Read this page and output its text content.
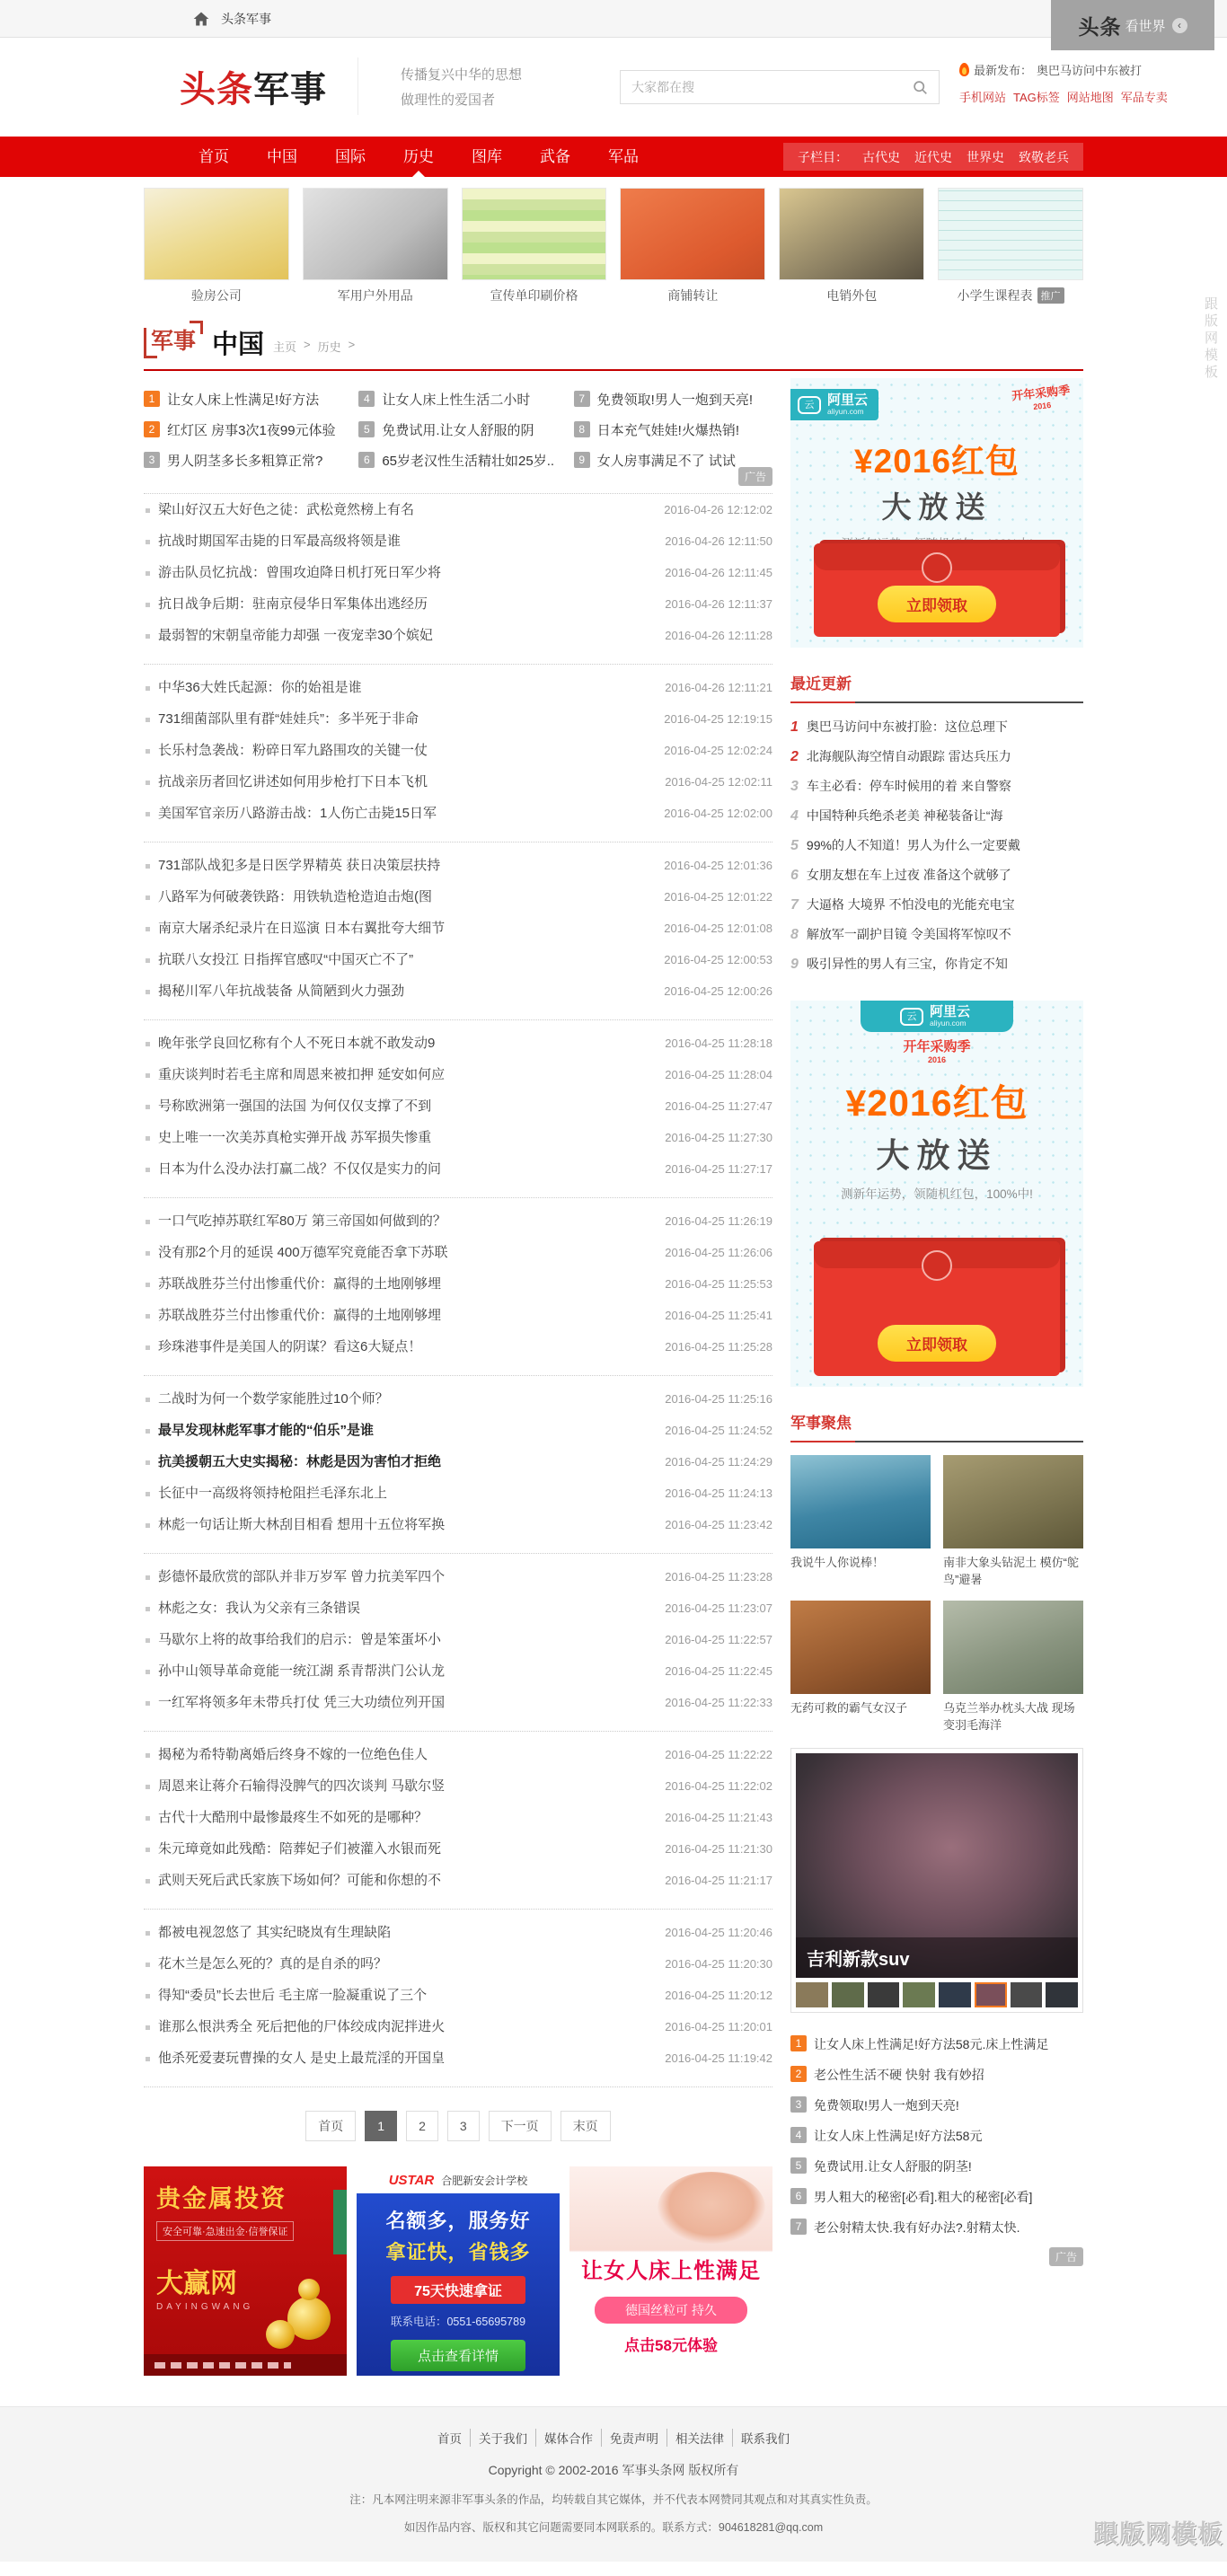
头条军事	头条 看世界	‹
头条 军事	传播复兴中华的思想
做理性的爱国者
大家都在搜
最新发布： 奥巴马访问中东被打
手机网站 TAG标签 网站地图 军品专卖
首页	中国	国际	历史	图库	武备	军品	子栏目： 古代史 近代史 世界史 致敬老兵
验房公司	军用户外用品	宣传单印刷价格	商铺转让	电销外包	小学生课程表 推广
军事 中国 主页 > 历史 >
让女人床上性满足!好方法
红灯区 房事3次1夜99元体验
男人阴茎多长多粗算正常?
让女人床上性生活二小时
免费试用.让女人舒服的阴
65岁老汉性生活精壮如25岁..
免费领取!男人一炮到天亮!
日本充气娃娃!火爆热销!
女人房事满足不了 试试
广告
梁山好汉五大好色之徒：武松竟然榜上有名	2016-04-26 12:12:02
抗战时期国军击毙的日军最高级将领是谁	2016-04-26 12:11:50
游击队员忆抗战：曾围攻迫降日机打死日军少将	2016-04-26 12:11:45
抗日战争后期：驻南京侵华日军集体出逃经历	2016-04-26 12:11:37
最弱智的宋朝皇帝能力却强 一夜宠幸30个嫔妃	2016-04-26 12:11:28
中华36大姓氏起源：你的始祖是谁	2016-04-26 12:11:21
731细菌部队里有群“娃娃兵”：多半死于非命	2016-04-25 12:19:15
长乐村急袭战：粉碎日军九路围攻的关键一仗	2016-04-25 12:02:24
抗战亲历者回忆讲述如何用步枪打下日本飞机	2016-04-25 12:02:11
美国军官亲历八路游击战：1人伤亡击毙15日军	2016-04-25 12:02:00
731部队战犯多是日医学界精英 获日决策层扶持	2016-04-25 12:01:36
八路军为何破袭铁路：用铁轨造枪造迫击炮(图	2016-04-25 12:01:22
南京大屠杀纪录片在日巡演 日本右翼批夸大细节	2016-04-25 12:01:08
抗联八女投江 日指挥官感叹“中国灭亡不了”	2016-04-25 12:00:53
揭秘川军八年抗战装备 从简陋到火力强劲	2016-04-25 12:00:26
晚年张学良回忆称有个人不死日本就不敢发动9	2016-04-25 11:28:18
重庆谈判时若毛主席和周恩来被扣押 延安如何应	2016-04-25 11:28:04
号称欧洲第一强国的法国 为何仅仅支撑了不到	2016-04-25 11:27:47
史上唯一一次美苏真枪实弹开战 苏军损失惨重	2016-04-25 11:27:30
日本为什么没办法打赢二战？不仅仅是实力的问	2016-04-25 11:27:17
一口气吃掉苏联红军80万 第三帝国如何做到的？	2016-04-25 11:26:19
没有那2个月的延误 400万德军究竟能否拿下苏联	2016-04-25 11:26:06
苏联战胜芬兰付出惨重代价：赢得的土地刚够埋	2016-04-25 11:25:53
苏联战胜芬兰付出惨重代价：赢得的土地刚够埋	2016-04-25 11:25:41
珍珠港事件是美国人的阴谋？看这6大疑点！	2016-04-25 11:25:28
二战时为何一个数学家能胜过10个师？	2016-04-25 11:25:16
最早发现林彪军事才能的“伯乐”是谁	2016-04-25 11:24:52
抗美援朝五大史实揭秘：林彪是因为害怕才拒绝	2016-04-25 11:24:29
长征中一高级将领持枪阻拦毛泽东北上	2016-04-25 11:24:13
林彪一句话让斯大林刮目相看 想用十五位将军换	2016-04-25 11:23:42
彭德怀最欣赏的部队并非万岁军 曾力抗美军四个	2016-04-25 11:23:28
林彪之女：我认为父亲有三条错误	2016-04-25 11:23:07
马歇尔上将的故事给我们的启示：曾是笨蛋坏小	2016-04-25 11:22:57
孙中山领导革命竟能一统江湖 系青帮洪门公认龙	2016-04-25 11:22:45
一红军将领多年未带兵打仗 凭三大功绩位列开国	2016-04-25 11:22:33
揭秘为希特勒离婚后终身不嫁的一位绝色佳人	2016-04-25 11:22:22
周恩来让蒋介石输得没脾气的四次谈判 马歇尔竖	2016-04-25 11:22:02
古代十大酷刑中最惨最疼生不如死的是哪种？	2016-04-25 11:21:43
朱元璋竟如此残酷：陪葬妃子们被灌入水银而死	2016-04-25 11:21:30
武则天死后武氏家族下场如何？可能和你想的不	2016-04-25 11:21:17
都被电视忽悠了 其实纪晓岚有生理缺陷	2016-04-25 11:20:46
花木兰是怎么死的？真的是自杀的吗？	2016-04-25 11:20:30
得知“委员”长去世后 毛主席一脸凝重说了三个	2016-04-25 11:20:12
谁那么恨洪秀全 死后把他的尸体绞成肉泥拌进火	2016-04-25 11:20:01
他杀死爱妻玩曹操的女人 是史上最荒淫的开国皇	2016-04-25 11:19:42
首页	1	2	3	下一页	末页
贵金属投资
安全可靠·急速出金·信誉保证
大赢网
DAYINGWANG
USTAR 合肥新安会计学校
名额多，服务好
拿证快，省钱多
75天快速拿证
联系电话：0551-65695789
点击查看详情
让女人床上性满足
德国丝粒可 持久
点击58元体验
云 阿里云
aliyun.com
开年采购季
2016
¥2016红包
大放送
立即领取
最近更新
奥巴马访问中东被打脸：这位总理下
北海舰队海空情自动跟踪 雷达兵压力
车主必看：停车时候用的着 来自警察
中国特种兵绝杀老美 神秘装备让“海
99%的人不知道！男人为什么一定要戴
女朋友想在车上过夜 准备这个就够了
大逼格 大境界 不怕没电的光能充电宝
解放军一副护目镜 令美国将军惊叹不
吸引异性的男人有三宝，你肯定不知
云 阿里云
aliyun.com
开年采购季
2016
¥2016红包
大放送
测新年运势，领随机红包，100%中!
立即领取
军事聚焦
我说牛人你说棒！	南非大象头钻泥土 模仿“鸵鸟”避暑
无药可救的霸气女汉子	乌克兰举办枕头大战 现场变羽毛海洋
吉利新款suv
让女人床上性满足!好方法58元.床上性满足
老公性生活不硬 快射 我有妙招
免费领取!男人一炮到天亮!
让女人床上性满足!好方法58元
免费试用.让女人舒服的阴茎!
男人粗大的秘密[必看].粗大的秘密[必看]
老公射精太快.我有好办法?.射精太快.
广告
首页	关于我们	媒体合作	免责声明	相关法律	联系我们
Copyright © 2002-2016 军事头条网 版权所有
注：凡本网注明来源非军事头条的作品，均转载自其它媒体，并不代表本网赞同其观点和对其真实性负责。
如因作品内容、版权和其它问题需要同本网联系的。联系方式：904618281@qq.com
跟版网模板
跟版网模板
